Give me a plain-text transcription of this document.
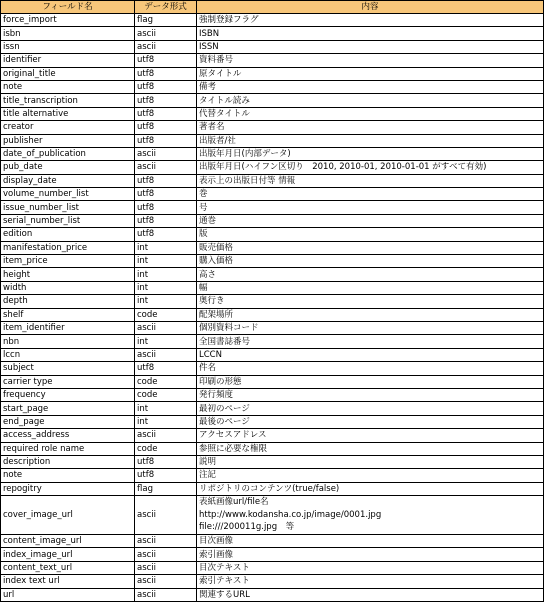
フィールド名	データ形式	内容
force_import	flag	強制登録フラグ
isbn	ascii	ISBN
issn	ascii	ISSN
identifier	utf8	資料番号
original_title	utf8	原タイトル
note	utf8	備考
title_transcription	utf8	タイトル読み
title alternative	utf8	代替タイトル
creator	utf8	著者名
publisher	utf8	出版者/社
date_of_publication	ascii	出版年月日(内部データ)
pub_date	ascii	出版年月日(ハイフン区切り　2010, 2010-01, 2010-01-01 がすべて有効)
display_date	utf8	表示上の出版日付等 情報
volume_number_list	utf8	巻
issue_number_list	utf8	号
serial_number_list	utf8	通巻
edition	utf8	版
manifestation_price	int	販売価格
item_price	int	購入価格
height	int	高さ
width	int	幅
depth	int	奥行き
shelf	code	配架場所
item_identifier	ascii	個別資料コード
nbn	int	全国書誌番号
lccn	ascii	LCCN
subject	utf8	件名
carrier type	code	印刷の形態
frequency	code	発行頻度
start_page	int	最初のページ
end_page	int	最後のページ
access_address	ascii	アクセスアドレス
required role name	code	参照に必要な権限
description	utf8	説明
note	utf8	注記
repogitry	flag	リポジトリのコンテンツ(true/false)
cover_image_url	ascii	表紙画像url/file名
http://www.kodansha.co.jp/image/0001.jpg
file:///200011g.jpg　等

content_image_url	ascii	目次画像
index_image_url	ascii	索引画像
content_text_url	ascii	目次テキスト
index text url	ascii	索引テキスト
url	ascii	関連するURL
